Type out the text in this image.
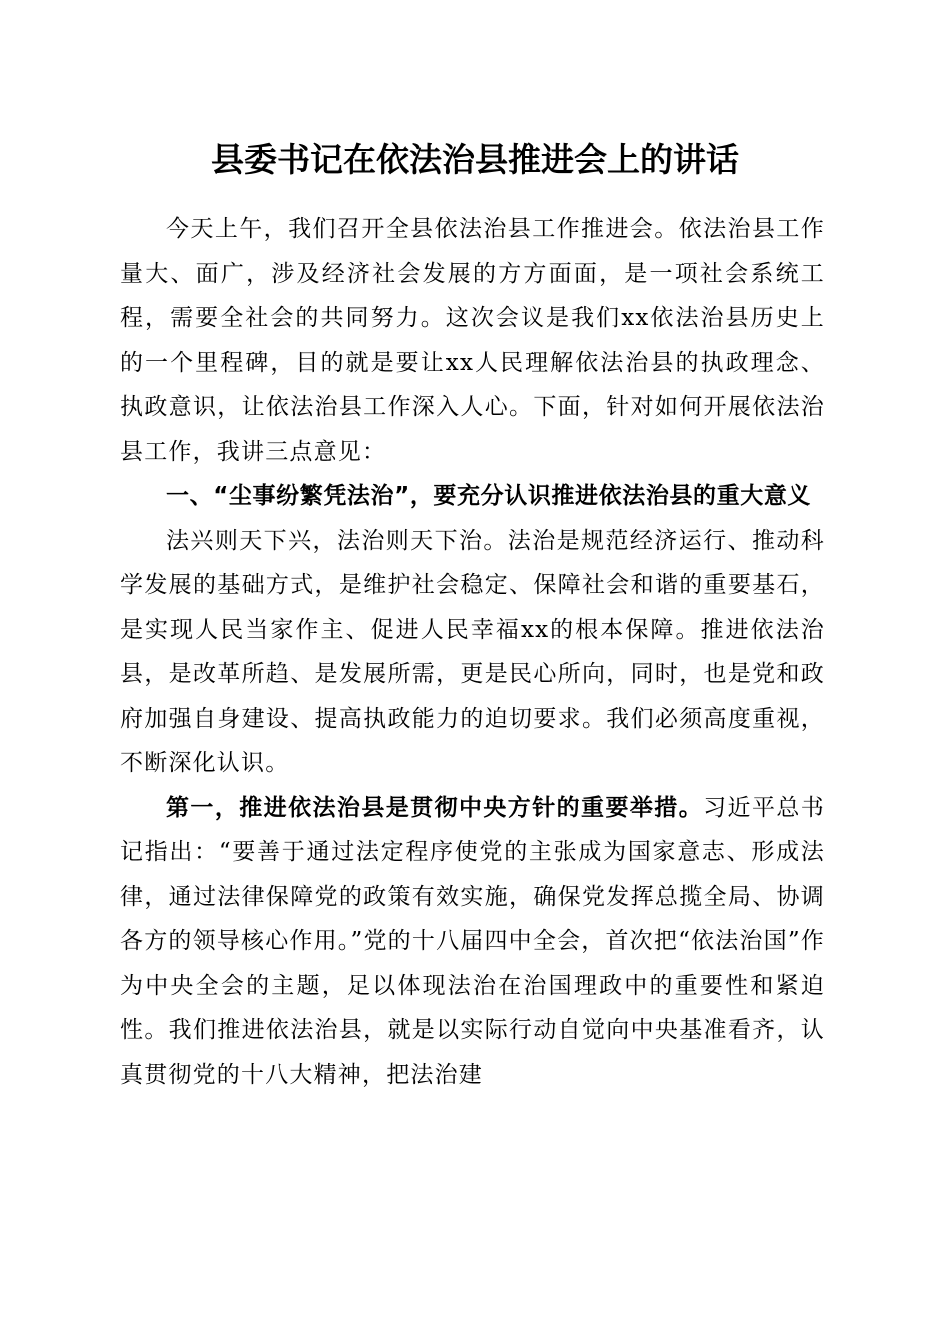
县委书记在依法治县推进会上的讲话

今天上午，我们召开全县依法治县工作推进会。依法治县工作量大、面广，涉及经济社会发展的方方面面，是一项社会系统工程，需要全社会的共同努力。这次会议是我们xx依法治县历史上的一个里程碑，目的就是要让xx人民理解依法治县的执政理念、执政意识，让依法治县工作深入人心。下面，针对如何开展依法治县工作，我讲三点意见：

一、“尘事纷繁凭法治”，要充分认识推进依法治县的重大意义

法兴则天下兴，法治则天下治。法治是规范经济运行、推动科学发展的基础方式，是维护社会稳定、保障社会和谐的重要基石，是实现人民当家作主、促进人民幸福xx的根本保障。推进依法治县，是改革所趋、是发展所需，更是民心所向，同时，也是党和政府加强自身建设、提高执政能力的迫切要求。我们必须高度重视，不断深化认识。

第一，推进依法治县是贯彻中央方针的重要举措。习近平总书记指出：“要善于通过法定程序使党的主张成为国家意志、形成法律，通过法律保障党的政策有效实施，确保党发挥总揽全局、协调各方的领导核心作用。”党的十八届四中全会，首次把“依法治国”作为中央全会的主题，足以体现法治在治国理政中的重要性和紧迫性。我们推进依法治县，就是以实际行动自觉向中央基准看齐，认真贯彻党的十八大精神，把法治建
